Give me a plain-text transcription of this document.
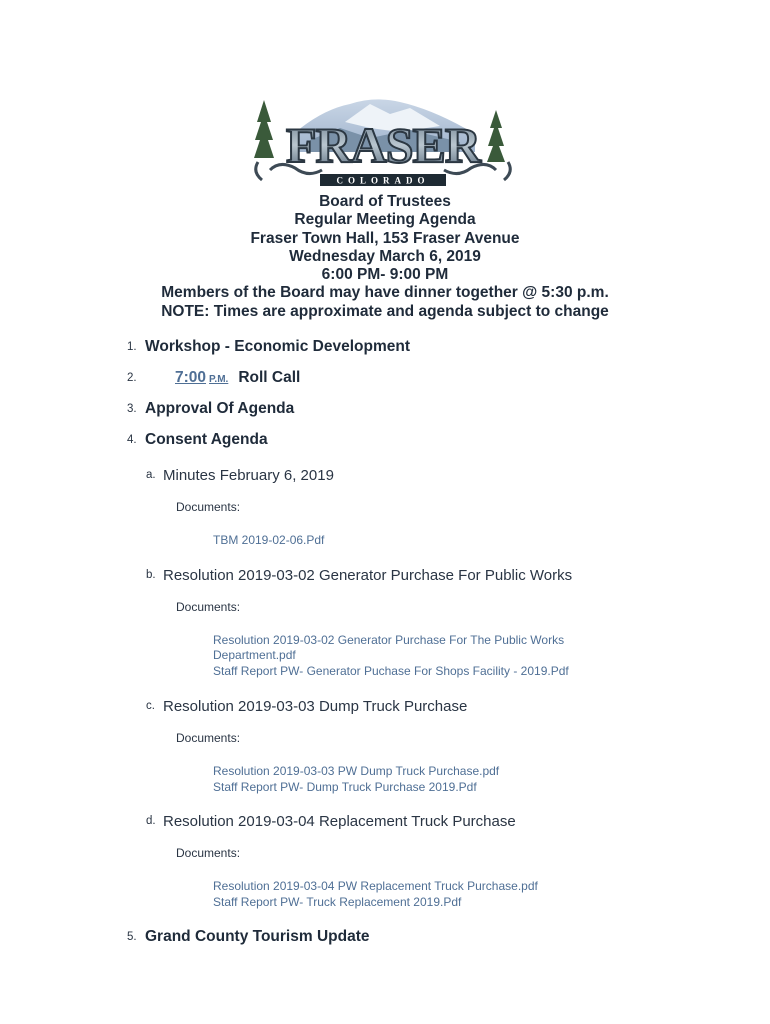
FRASER
COLORADO
Board of Trustees
Regular Meeting Agenda
Fraser Town Hall, 153 Fraser Avenue
Wednesday March 6, 2019
6:00 PM- 9:00 PM
Members of the Board may have dinner together @ 5:30 p.m.
NOTE: Times are approximate and agenda subject to change
1. Workshop - Economic Development
2. 7:00 P.M. Roll Call
3. Approval Of Agenda
4. Consent Agenda
a. Minutes February 6, 2019
Documents:
TBM 2019-02-06.Pdf
b. Resolution 2019-03-02 Generator Purchase For Public Works
Documents:
Resolution 2019-03-02 Generator Purchase For The Public Works
Department.pdf
Staff Report PW- Generator Puchase For Shops Facility - 2019.Pdf
c. Resolution 2019-03-03 Dump Truck Purchase
Documents:
Resolution 2019-03-03 PW Dump Truck Purchase.pdf
Staff Report PW- Dump Truck Purchase 2019.Pdf
d. Resolution 2019-03-04 Replacement Truck Purchase
Documents:
Resolution 2019-03-04 PW Replacement Truck Purchase.pdf
Staff Report PW- Truck Replacement 2019.Pdf
5. Grand County Tourism Update
